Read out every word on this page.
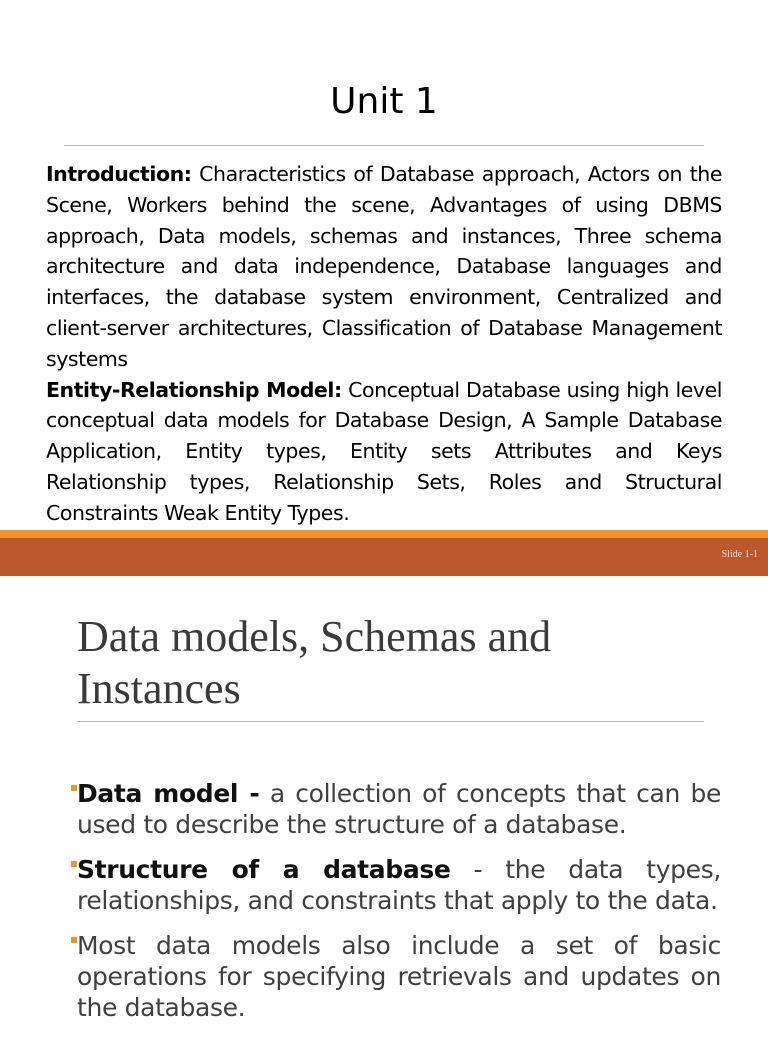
Unit 1

Introduction: Characteristics of Database approach, Actors on the Scene, Workers behind the scene, Advantages of using DBMS approach, Data models, schemas and instances, Three schema architecture and data independence, Database languages and interfaces, the database system environment, Centralized and client-server architectures, Classification of Database Management systems

Entity-Relationship Model: Conceptual Database using high level conceptual data models for Database Design, A Sample Database Application, Entity types, Entity sets Attributes and Keys Relationship types, Relationship Sets, Roles and Structural Constraints Weak Entity Types.

Slide 1-1
Data models, Schemas and Instances
Data model - a collection of concepts that can be used to describe the structure of a database.
Structure of a database - the data types, relationships, and constraints that apply to the data.
Most data models also include a set of basic operations for specifying retrievals and updates on the database.
